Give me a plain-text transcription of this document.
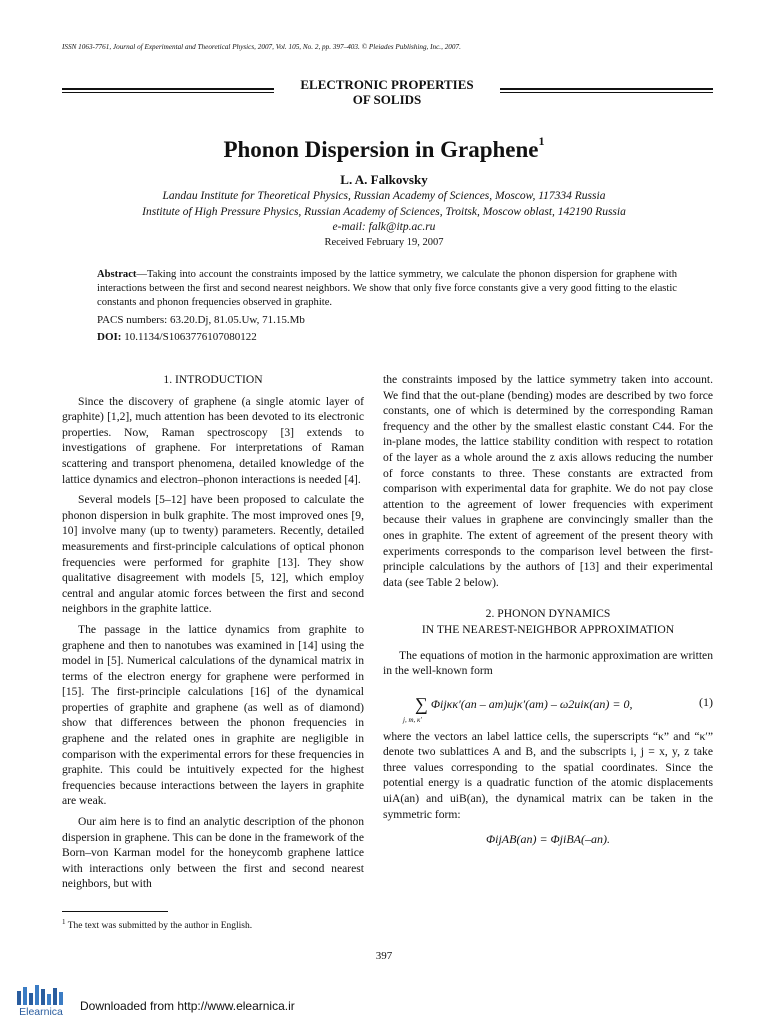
ISSN 1063-7761, Journal of Experimental and Theoretical Physics, 2007, Vol. 105, No. 2, pp. 397–403. © Pleiades Publishing, Inc., 2007.
ELECTRONIC PROPERTIES
OF SOLIDS
Phonon Dispersion in Graphene$^1$
L. A. Falkovsky
Landau Institute for Theoretical Physics, Russian Academy of Sciences, Moscow, 117334 Russia
Institute of High Pressure Physics, Russian Academy of Sciences, Troitsk, Moscow oblast, 142190 Russia
e-mail: falk@itp.ac.ru
Received February 19, 2007
Abstract—Taking into account the constraints imposed by the lattice symmetry, we calculate the phonon dispersion for graphene with interactions between the first and second nearest neighbors. We show that only five force constants give a very good fitting to the elastic constants and phonon frequencies observed in graphite.
PACS numbers: 63.20.Dj, 81.05.Uw, 71.15.Mb
DOI: 10.1134/S1063776107080122
1. INTRODUCTION

Since the discovery of graphene (a single atomic layer of graphite) [1,2], much attention has been devoted to its electronic properties. Now, Raman spectroscopy [3] extends to investigations of graphene. For interpretations of Raman scattering and transport phenomena, detailed knowledge of the lattice dynamics and electron–phonon interactions is needed [4].

Several models [5–12] have been proposed to calculate the phonon dispersion in bulk graphite. The most improved ones [9, 10] involve many (up to twenty) parameters. Recently, detailed measurements and first-principle calculations of optical phonon frequencies were performed for graphite [13]. They show qualitative disagreement with models [5, 12], which employ central and angular atomic forces between the first and second neighbors in the graphite lattice.

The passage in the lattice dynamics from graphite to graphene and then to nanotubes was examined in [14] using the model in [5]. Numerical calculations of the dynamical matrix in terms of the electron energy for graphene were performed in [15]. The first-principle calculations [16] of the dynamical properties of graphite and graphene (as well as of diamond) show that differences between the phonon frequencies in graphene and the related ones in graphite are negligible in comparison with the experimental errors for these frequencies in graphite. This could be intuitively expected for the highest frequencies because interactions between the layers in graphite are weak.

Our aim here is to find an analytic description of the phonon dispersion in graphene. This can be done in the framework of the Born–von Karman model for the honeycomb graphene lattice with interactions only between the first and second nearest neighbors, but with

the constraints imposed by the lattice symmetry taken into account. We find that the out-plane (bending) modes are described by two force constants, one of which is determined by the corresponding Raman frequency and the other by the smallest elastic constant C44. For the in-plane modes, the lattice stability condition with respect to rotation of the layer as a whole around the z axis allows reducing the number of force constants to three. These constants are extracted from comparison with experimental data for graphite. We do not pay close attention to the agreement of lower frequencies with experiment because their values in graphene are convincingly smaller than the ones in graphite. The extent of agreement of the present theory with experiments corresponds to the comparison level between the first-principle calculations by the authors of [13] and their experimental data (see Table 2 below).

2. PHONON DYNAMICS
IN THE NEAREST-NEIGHBOR APPROXIMATION

The equations of motion in the harmonic approximation are written in the well-known form

∑ Φijκκ′(an – am)ujκ′(am) – ω2uiκ(an) = 0,
j, m, κ′
(1)

where the vectors an label lattice cells, the superscripts “κ” and “κ′” denote two sublattices A and B, and the subscripts i, j = x, y, z take three values corresponding to the spatial coordinates. Since the potential energy is a quadratic function of the atomic displacements uiA(an) and uiB(an), the dynamical matrix can be taken in the symmetric form:

ΦijAB(an) = ΦjiBA(–an).
$^1$ The text was submitted by the author in English.
397
Elearnica	Downloaded from http://www.elearnica.ir
